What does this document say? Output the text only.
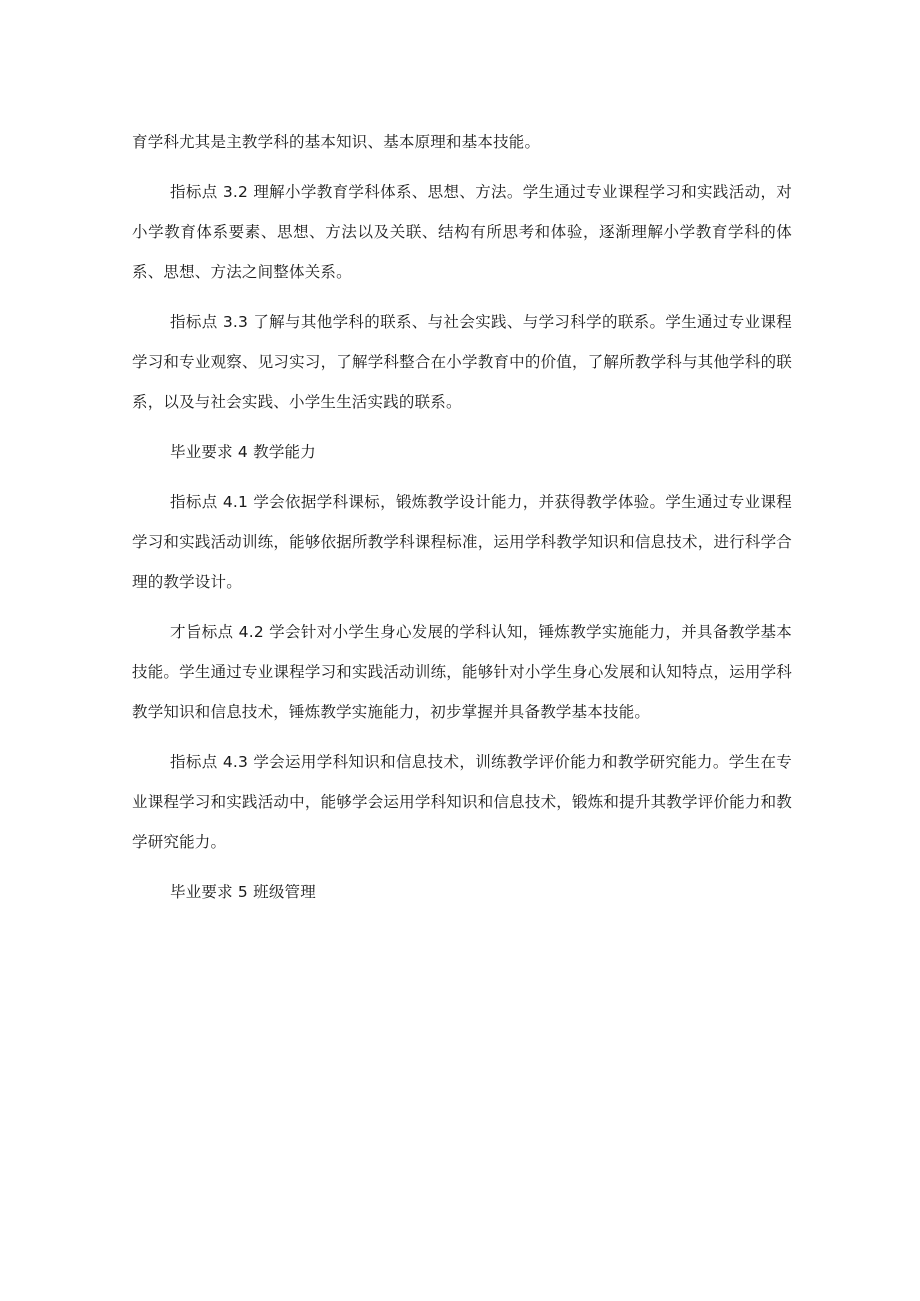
育学科尤其是主教学科的基本知识、基本原理和基本技能。

指标点 3.2 理解小学教育学科体系、思想、方法。学生通过专业课程学习和实践活动，对小学教育体系要素、思想、方法以及关联、结构有所思考和体验，逐渐理解小学教育学科的体系、思想、方法之间整体关系。

指标点 3.3 了解与其他学科的联系、与社会实践、与学习科学的联系。学生通过专业课程学习和专业观察、见习实习，了解学科整合在小学教育中的价值，了解所教学科与其他学科的联系，以及与社会实践、小学生生活实践的联系。

毕业要求 4 教学能力

指标点 4.1 学会依据学科课标，锻炼教学设计能力，并获得教学体验。学生通过专业课程学习和实践活动训练，能够依据所教学科课程标准，运用学科教学知识和信息技术，进行科学合理的教学设计。

才旨标点 4.2 学会针对小学生身心发展的学科认知，锤炼教学实施能力，并具备教学基本技能。学生通过专业课程学习和实践活动训练，能够针对小学生身心发展和认知特点，运用学科教学知识和信息技术，锤炼教学实施能力，初步掌握并具备教学基本技能。

指标点 4.3 学会运用学科知识和信息技术，训练教学评价能力和教学研究能力。学生在专业课程学习和实践活动中，能够学会运用学科知识和信息技术，锻炼和提升其教学评价能力和教学研究能力。

毕业要求 5 班级管理
